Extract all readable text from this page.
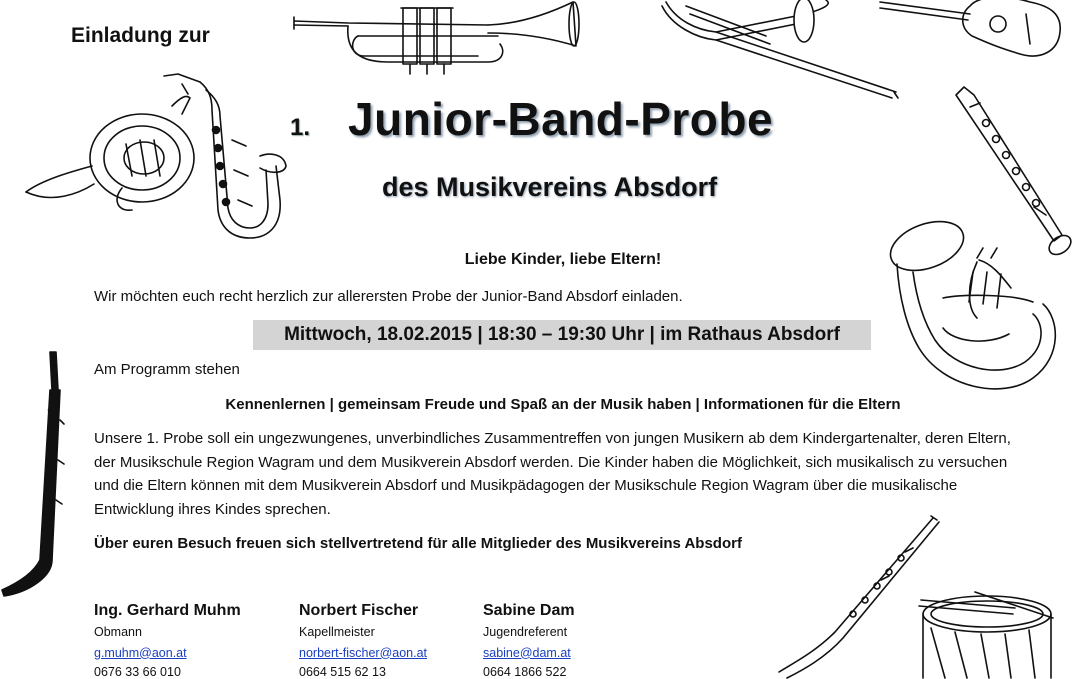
Einladung zur
1. Junior-Band-Probe
des Musikvereins Absdorf
Liebe Kinder, liebe Eltern!
Wir möchten euch recht herzlich zur allerersten Probe der Junior-Band Absdorf einladen.
Mittwoch, 18.02.2015 | 18:30 – 19:30 Uhr | im Rathaus Absdorf
Am Programm stehen
Kennenlernen | gemeinsam Freude und Spaß an der Musik haben | Informationen für die Eltern
Unsere 1. Probe soll ein ungezwungenes, unverbindliches Zusammentreffen von jungen Musikern ab dem Kindergartenalter, deren Eltern, der Musikschule Region Wagram und dem Musikverein Absdorf werden. Die Kinder haben die Möglichkeit, sich musikalisch zu versuchen und die Eltern können mit dem Musikverein Absdorf und Musikpädagogen der Musikschule Region Wagram über die musikalische Entwicklung ihres Kindes sprechen.
Über euren Besuch freuen sich stellvertretend für alle Mitglieder des Musikvereins Absdorf
Ing. Gerhard Muhm
Obmann
g.muhm@aon.at
0676 33 66 010
Norbert Fischer
Kapellmeister
norbert-fischer@aon.at
0664 515 62 13
Sabine Dam
Jugendreferent
sabine@dam.at
0664 1866 522
